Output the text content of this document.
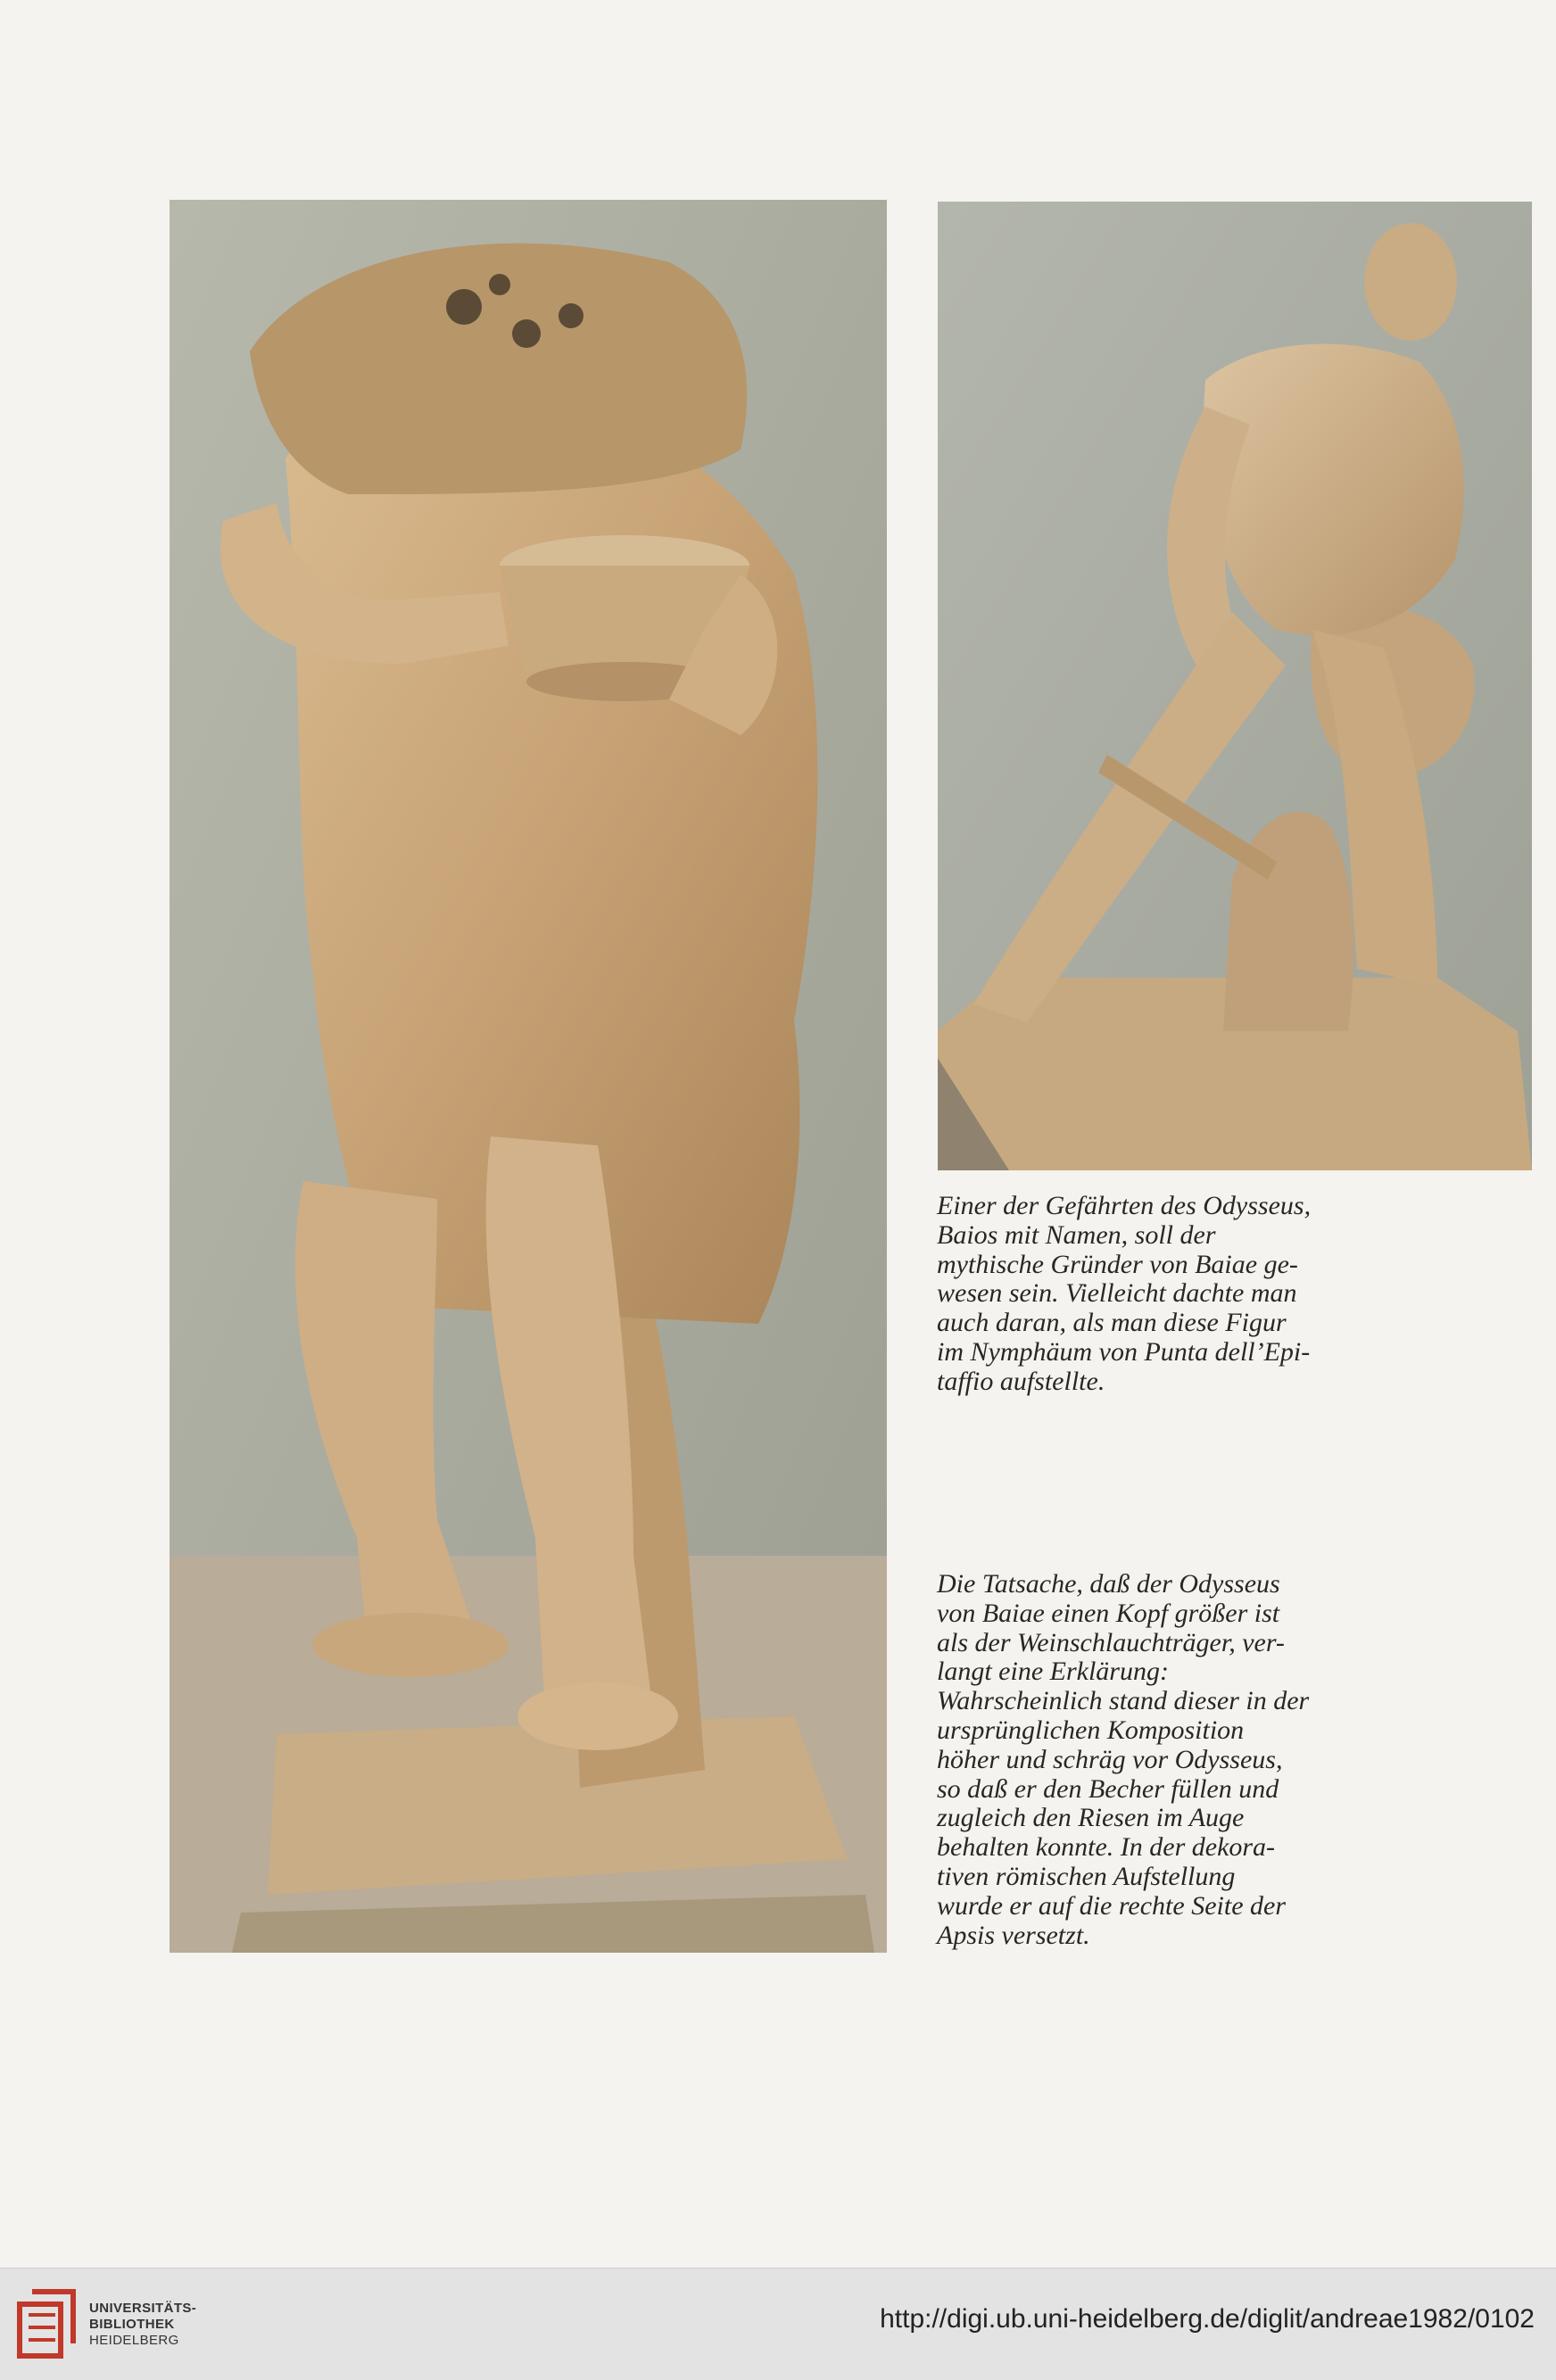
Einer der Gefährten des Odysseus,
Baios mit Namen, soll der
mythische Gründer von Baiae ge-
wesen sein. Vielleicht dachte man
auch daran, als man diese Figur
im Nymphäum von Punta dell’Epi-
taffio aufstellte.

Die Tatsache, daß der Odysseus
von Baiae einen Kopf größer ist
als der Weinschlauchträger, ver-
langt eine Erklärung:
Wahrscheinlich stand dieser in der
ursprünglichen Komposition
höher und schräg vor Odysseus,
so daß er den Becher füllen und
zugleich den Riesen im Auge
behalten konnte. In der dekora-
tiven römischen Aufstellung
wurde er auf die rechte Seite der
Apsis versetzt.

UNIVERSITÄTS-
BIBLIOTHEK
HEIDELBERG
http://digi.ub.uni-heidelberg.de/diglit/andreae1982/0102
